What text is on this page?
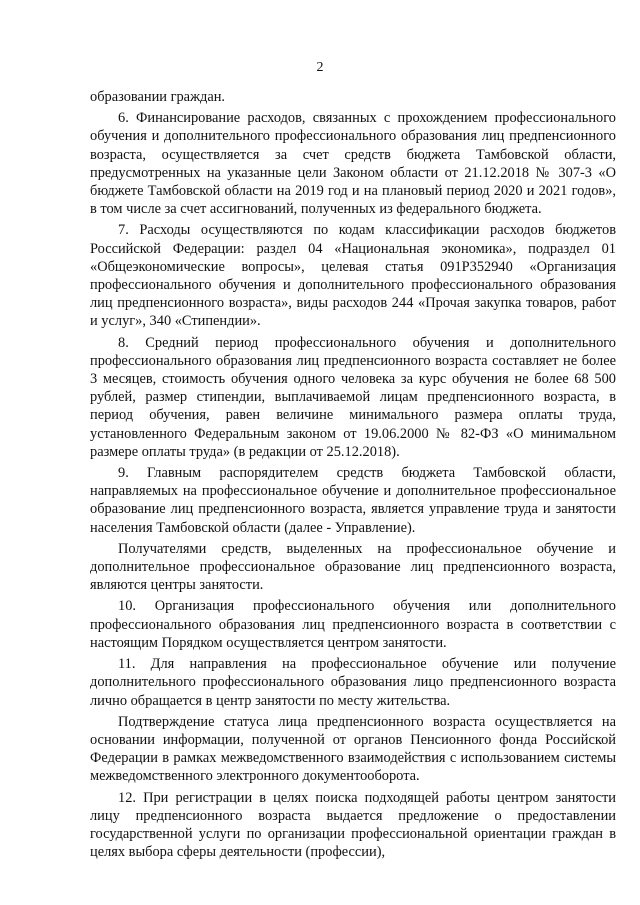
2

образовании граждан.

6. Финансирование расходов, связанных с прохождением профессионального обучения и дополнительного профессионального образования лиц предпенсионного возраста, осуществляется за счет средств бюджета Тамбовской области, предусмотренных на указанные цели Законом области от 21.12.2018 № 307-3 «О бюджете Тамбовской области на 2019 год и на плановый период 2020 и 2021 годов», в том числе за счет ассигнований, полученных из федерального бюджета.

7. Расходы осуществляются по кодам классификации расходов бюджетов Российской Федерации: раздел 04 «Национальная экономика», подраздел 01 «Общеэкономические вопросы», целевая статья 091P352940 «Организация профессионального обучения и дополнительного профессионального образования лиц предпенсионного возраста», виды расходов 244 «Прочая закупка товаров, работ и услуг», 340 «Стипендии».

8. Средний период профессионального обучения и дополнительного профессионального образования лиц предпенсионного возраста составляет не более 3 месяцев, стоимость обучения одного человека за курс обучения не более 68 500 рублей, размер стипендии, выплачиваемой лицам предпенсионного возраста, в период обучения, равен величине минимального размера оплаты труда, установленного Федеральным законом от 19.06.2000 № 82-ФЗ «О минимальном размере оплаты труда» (в редакции от 25.12.2018).

9. Главным распорядителем средств бюджета Тамбовской области, направляемых на профессиональное обучение и дополнительное профессиональное образование лиц предпенсионного возраста, является управление труда и занятости населения Тамбовской области (далее - Управление).

Получателями средств, выделенных на профессиональное обучение и дополнительное профессиональное образование лиц предпенсионного возраста, являются центры занятости.

10. Организация профессионального обучения или дополнительного профессионального образования лиц предпенсионного возраста в соответствии с настоящим Порядком осуществляется центром занятости.

11. Для направления на профессиональное обучение или получение дополнительного профессионального образования лицо предпенсионного возраста лично обращается в центр занятости по месту жительства.

Подтверждение статуса лица предпенсионного возраста осуществляется на основании информации, полученной от органов Пенсионного фонда Российской Федерации в рамках межведомственного взаимодействия с использованием системы межведомственного электронного документооборота.

12. При регистрации в целях поиска подходящей работы центром занятости лицу предпенсионного возраста выдается предложение о предоставлении государственной услуги по организации профессиональной ориентации граждан в целях выбора сферы деятельности (профессии),
